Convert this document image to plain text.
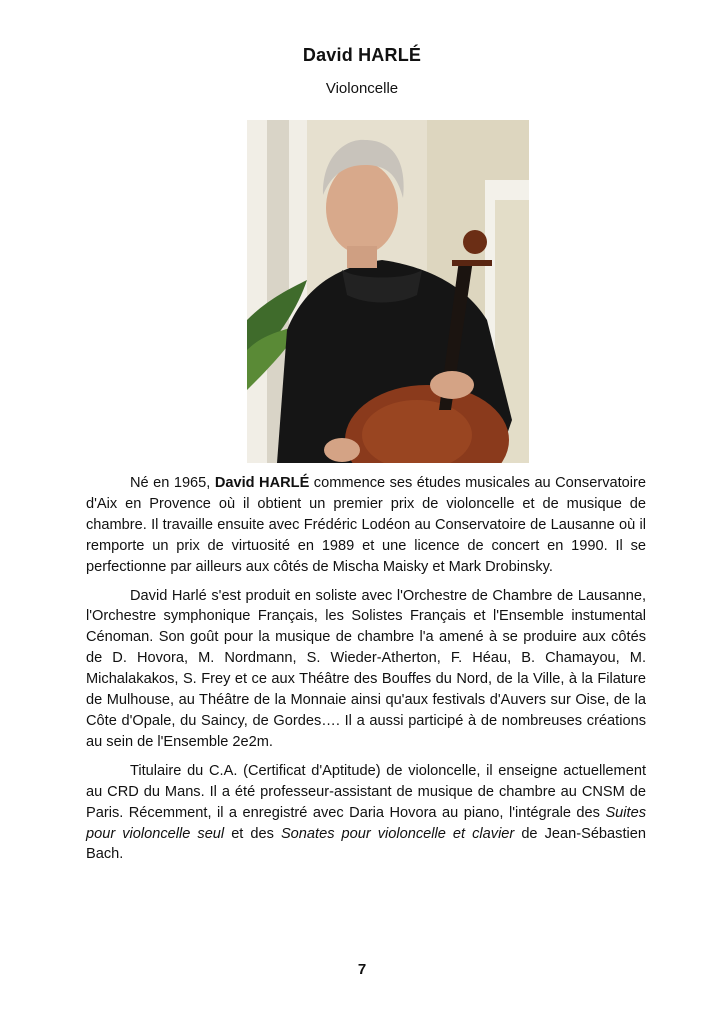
David HARLÉ
Violoncelle

Né en 1965, David HARLÉ commence ses études musicales au Conservatoire d'Aix en Provence où il obtient un premier prix de violoncelle et de musique de chambre. Il travaille ensuite avec Frédéric Lodéon au Conservatoire de Lausanne où il remporte un prix de virtuosité en 1989 et une licence de concert en 1990. Il se perfectionne par ailleurs aux côtés de Mischa Maisky et Mark Drobinsky.

David Harlé s'est produit en soliste avec l'Orchestre de Chambre de Lausanne, l'Orchestre symphonique Français, les Solistes Français et l'Ensemble instumental Cénoman. Son goût pour la musique de chambre l'a amené à se produire aux côtés de D. Hovora, M. Nordmann, S. Wieder-Atherton, F. Héau, B. Chamayou, M. Michalakakos, S. Frey et ce aux Théâtre des Bouffes du Nord, de la Ville, à la Filature de Mulhouse, au Théâtre de la Monnaie ainsi qu'aux festivals d'Auvers sur Oise, de la Côte d'Opale, du Saincy, de Gordes…. Il a aussi participé à de nombreuses créations au sein de l'Ensemble 2e2m.

Titulaire du C.A. (Certificat d'Aptitude) de violoncelle, il enseigne actuellement au CRD du Mans. Il a été professeur-assistant de musique de chambre au CNSM de Paris. Récemment, il a enregistré avec Daria Hovora au piano, l'intégrale des Suites pour violoncelle seul et des Sonates pour violoncelle et clavier de Jean-Sébastien Bach.

7
